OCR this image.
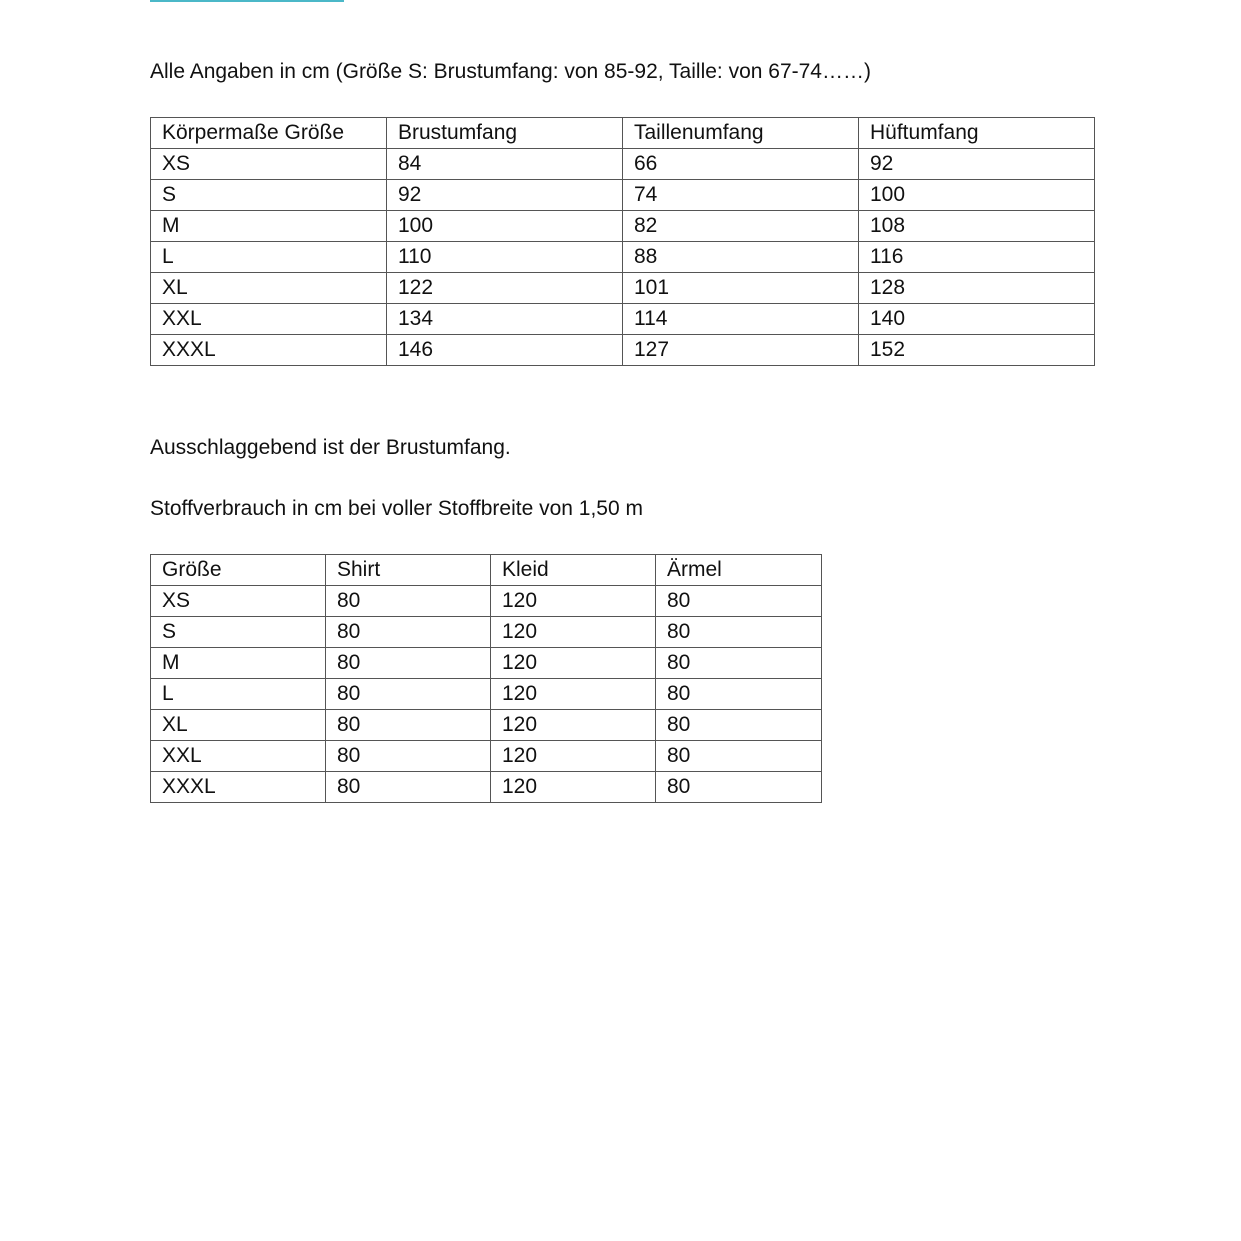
Alle Angaben in cm (Größe S: Brustumfang: von 85-92, Taille: von 67-74……)

Körpermaße Größe	Brustumfang	Taillenumfang	Hüftumfang
XS	84	66	92
S	92	74	100
M	100	82	108
L	110	88	116
XL	122	101	128
XXL	134	114	140
XXXL	146	127	152

Ausschlaggebend ist der Brustumfang.

Stoffverbrauch in cm bei voller Stoffbreite von 1,50 m

Größe	Shirt	Kleid	Ärmel
XS	80	120	80
S	80	120	80
M	80	120	80
L	80	120	80
XL	80	120	80
XXL	80	120	80
XXXL	80	120	80
